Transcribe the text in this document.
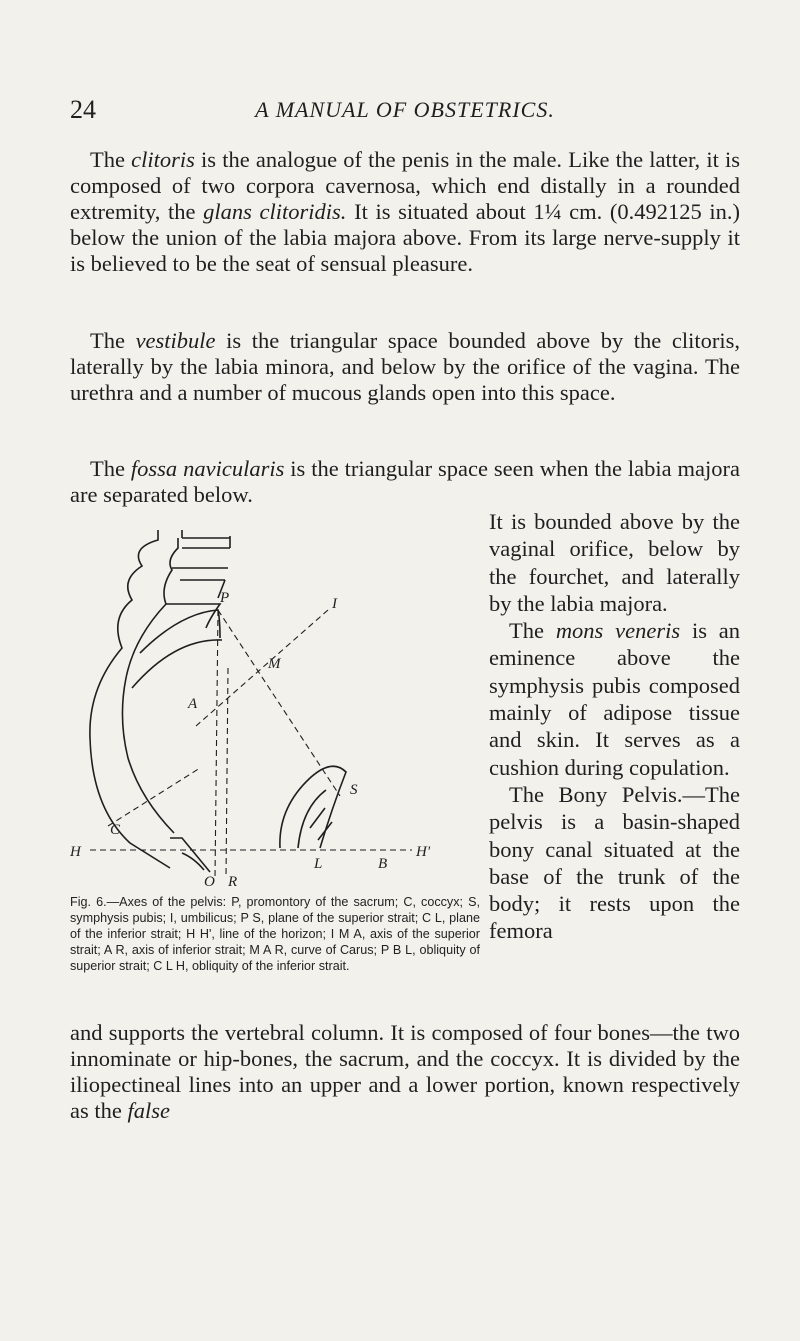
24	A MANUAL OF OBSTETRICS.

The clitoris is the analogue of the penis in the male. Like the latter, it is composed of two corpora cavernosa, which end distally in a rounded extremity, the glans clitoridis. It is situated about 1¼ cm. (0.492125 in.) below the union of the labia majora above. From its large nerve-supply it is believed to be the seat of sensual pleasure.

The vestibule is the triangular space bounded above by the clitoris, laterally by the labia minora, and below by the orifice of the vagina. The urethra and a number of mucous glands open into this space.

The fossa navicularis is the triangular space seen when the labia majora are separated below.

P	I
M
A
S
C
H	H'
L	B
O R
Fig. 6.—Axes of the pelvis: P, promontory of the sacrum; C, coccyx; S, symphysis pubis; I, umbilicus; P S, plane of the superior strait; C L, plane of the inferior strait; H H', line of the horizon; I M A, axis of the superior strait; A R, axis of inferior strait; M A R, curve of Carus; P B L, obliquity of superior strait; C L H, obliquity of the inferior strait.

It is bounded above by the vaginal orifice, below by the fourchet, and laterally by the labia majora.

The mons veneris is an eminence above the symphysis pubis composed mainly of adipose tissue and skin. It serves as a cushion during copulation.

The Bony Pelvis.—The pelvis is a basin-shaped bony canal situated at the base of the trunk of the body; it rests upon the femora

and supports the vertebral column. It is composed of four bones—the two innominate or hip-bones, the sacrum, and the coccyx. It is divided by the iliopectineal lines into an upper and a lower portion, known respectively as the false
